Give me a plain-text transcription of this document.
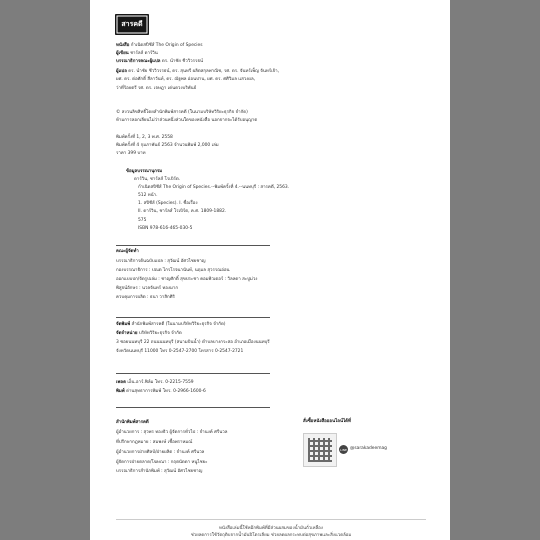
สารคดี
หนังสือ กำเนิดสปีชีส์ The Origin of Species
ผู้เขียน ชาร์ลส์ ดาร์วิน
บรรณาธิการคณะผู้แปล ดร. นำชัย ชีววิวรรธน์
ผู้แปล ดร. นำชัย ชีววิวรรธน์, ดร. สุนทรี ผลิตสกุลพาณิช, รศ. ดร. จันทร์เพ็ญ จันทร์เจ้า,
ผศ. ดร. ต่อศักดิ์ สีลาวันท์, ดร. ณัฐพล อ่อนปาน, ผศ. ดร. ศศิวิมล แสวงผล,
ว่าที่ร้อยตรี รศ. ดร. เจษฎา เด่นดวงบริพันธ์
© สงวนลิขสิทธิ์โดยสำนักพิมพ์สารคดี (ในนามบริษัทวิริยะธุรกิจ จำกัด)
ห้ามการลอกเลียนไม่ว่าส่วนหนึ่งส่วนใดของหนังสือ นอกจากจะได้รับอนุญาต
พิมพ์ครั้งที่ 1, 2, 3 พ.ศ. 2558
พิมพ์ครั้งที่ 4 กุมภาพันธ์ 2563 จำนวนพิมพ์ 2,000 เล่ม
ราคา 399 บาท
ข้อมูลบรรณานุกรม
ดาร์วิน, ชาร์ลส์ โรเบิร์ต.
กำเนิดสปีชีส์ The Origin of Species.--พิมพ์ครั้งที่ 4.--นนทบุรี : สารคดี, 2563.
512 หน้า.
1. สปีชีส์ (Species). I. ชื่อเรื่อง
II. ดาร์วิน, ชาร์ลส์ โรเบิร์ต, ค.ศ. 1809-1882.
575
ISBN 978-616-465-030-5
คณะผู้จัดทำ
บรรณาธิการต้นฉบับแปล : สุวัฒน์ อัศวไชยชาญ
กองบรรณาธิการ : ปณต ไกรโรจนานันท์, นฤมล สุวรรณอ่อน
ออกแบบปก/จัดรูปเล่ม : ชาญศักดิ์ สุขประชา คอมพิวเตอร์ : วิลลดา สะปูม่วง
พิสูจน์อักษร : นวลจันทร์ ทองมาก
ควบคุมการผลิต : ธนา วาสิกศิริ
จัดพิมพ์ สำนักพิมพ์สารคดี (ในนามบริษัทวิริยะธุรกิจ จำกัด)
จัดจำหน่าย บริษัทวิริยะธุรกิจ จำกัด
3 ซอยนนทบุรี 22 ถนนนนทบุรี (สนามบินน้ำ) ตำบลบางกระสอ อำเภอเมืองนนทบุรี
จังหวัดนนทบุรี 11000 โทร 0-2547-2700 โทรสาร 0-2547-2721
เพลต เอ็น.อาร์.ฟิล์ม โทร. 0-2215-7559
พิมพ์ ด่านสุทธาการพิมพ์ โทร. 0-2966-1600-6
สำนักพิมพ์สารคดี
ผู้อำนวยการ : สุวพร ทองธิว ผู้จัดการทั่วไป : จำนงค์ ศรีนวล
ที่ปรึกษากฎหมาย : สมพงษ์ เชื้อพราหมณ์
ผู้อำนวยการฝ่ายศิลป์/ฝ่ายผลิต : จำนงค์ ศรีนวล
ผู้จัดการฝ่ายตลาด/โฆษณา : กฤตนัดดา หนูไชยะ
บรรณาธิการสำนักพิมพ์ : สุวัฒน์ อัศวไชยชาญ
สั่งซื้อหนังสือออนไลน์ได้ที่
LINE @sarakadeemag
หนังสือเล่มนี้ใช้หมึกพิมพ์ที่มีส่วนผสมของน้ำมันถั่วเหลือง
ช่วยลดการใช้วัตถุดิบจากน้ำมันปิโตรเลียม ช่วยลดผลกระทบต่อสุขภาพและสิ่งแวดล้อม
